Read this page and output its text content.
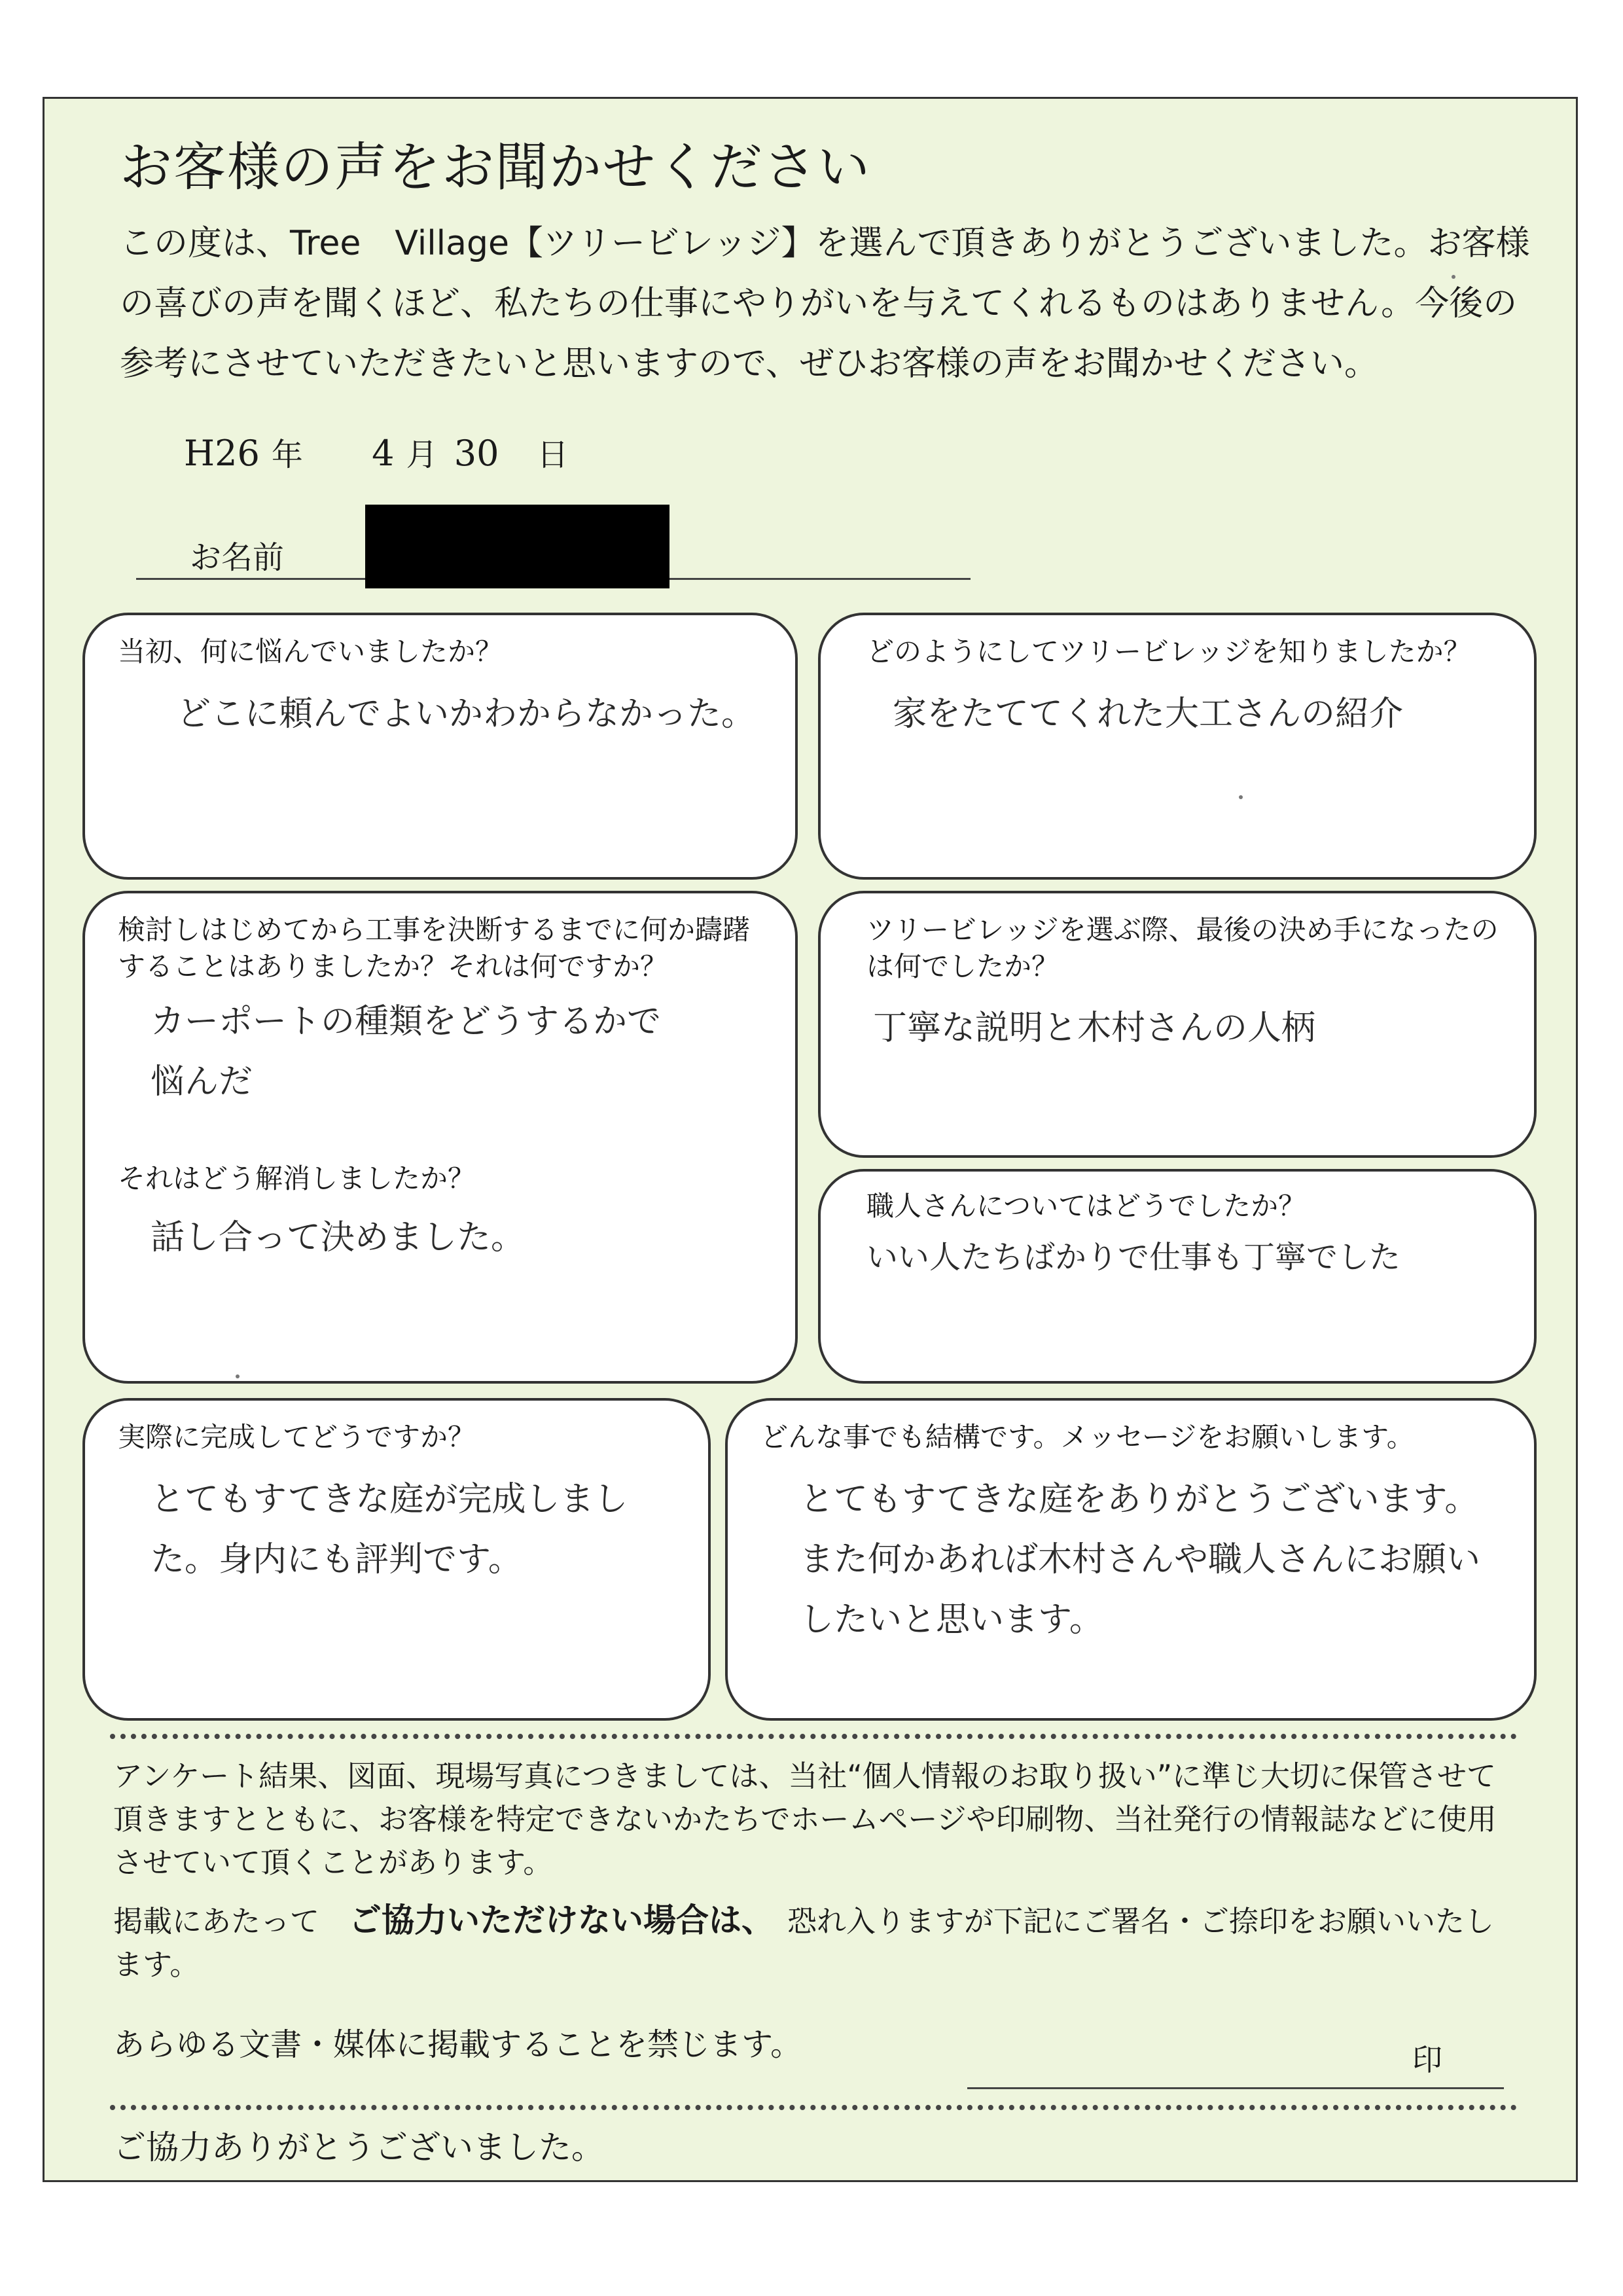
お客様の声をお聞かせください
この度は、Tree　Village【ツリービレッジ】を選んで頂きありがとうございました。お客様の喜びの声を聞くほど、私たちの仕事にやりがいを与えてくれるものはありません。今後の参考にさせていただきたいと思いますので、ぜひお客様の声をお聞かせください。
H26 年 4 月 30 日
お名前
当初、何に悩んでいましたか？
どこに頼んでよいかわからなかった。
どのようにしてツリービレッジを知りましたか？
家をたててくれた大工さんの紹介
検討しはじめてから工事を決断するまでに何か躊躇することはありましたか？それは何ですか？
カーポートの種類をどうするかで悩んだ
それはどう解消しましたか？
話し合って決めました。
ツリービレッジを選ぶ際、最後の決め手になったのは何でしたか？
丁寧な説明と木村さんの人柄
職人さんについてはどうでしたか？
いい人たちばかりで仕事も丁寧でした
実際に完成してどうですか？
とてもすてきな庭が完成しました。身内にも評判です。
どんな事でも結構です。メッセージをお願いします。
とてもすてきな庭をありがとうございます。また何かあれば木村さんや職人さんにお願いしたいと思います。
アンケート結果、図面、現場写真につきましては、当社“個人情報のお取り扱い”に準じ大切に保管させて頂きますとともに、お客様を特定できないかたちでホームページや印刷物、当社発行の情報誌などに使用させていて頂くことがあります。
掲載にあたって　ご協力いただけない場合は、　恐れ入りますが下記にご署名・ご捺印をお願いいたします。
あらゆる文書・媒体に掲載することを禁じます。	印
ご協力ありがとうございました。
